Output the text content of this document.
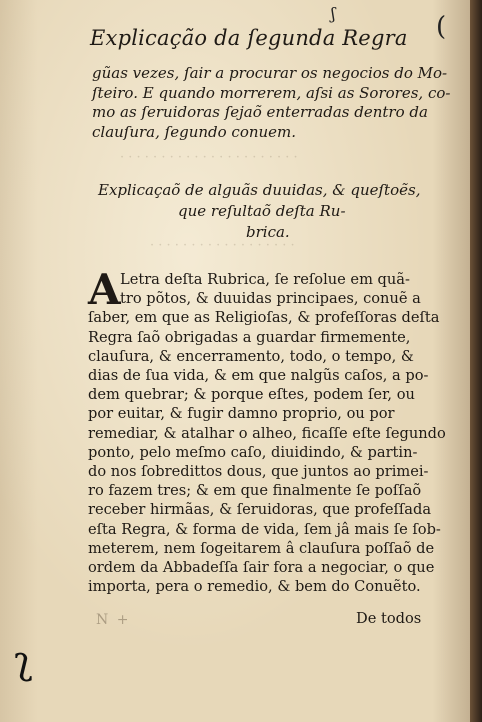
· · · · · · · · · · · · · · · · · · · · · ·
· · · · · · · · · · · · · · · · · ·
Explicação da ſegunda Regra
gũas vezes, ſair a procurar os negocios do Mo-
ſteiro. E quando morrerem, aſsi as Sorores, co-
mo as ſeruidoras ſejaõ enterradas dentro da
clauſura, ſegundo conuem.
Explicaçaõ de alguãs duuidas, & queſtoẽs,
que reſultaõ deſta Ru-
brica.
A Letra deſta Rubrica, ſe reſolue em quã-
tro põtos, & duuidas principaes, conuẽ a
ſaber, em que as Religioſas, & profeſſoras deſta
Regra ſaõ obrigadas a guardar firmemente,
clauſura, & encerramento, todo, o tempo, &
dias de ſua vida, & em que nalgũs caſos, a po-
dem quebrar; & porque eſtes, podem ſer, ou
por euitar, & fugir damno proprio, ou por
remediar, & atalhar o alheo, ficaſſe eſte ſegundo
ponto, pelo meſmo caſo, diuidindo, & partin-
do nos ſobredittos dous, que juntos ao primei-
ro fazem tres; & em que finalmente ſe poſſaõ
receber hirmãas, & ſeruidoras, que profeſſada
eſta Regra, & forma de vida, ſem jâ mais ſe ſob-
meterem, nem ſogeitarem â clauſura poſſaõ de
ordem da Abbadeſſa ſair fora a negociar, o que
importa, pera o remedio, & bem do Conuẽto.
N +	De todos
ʃ	(
ʅ
